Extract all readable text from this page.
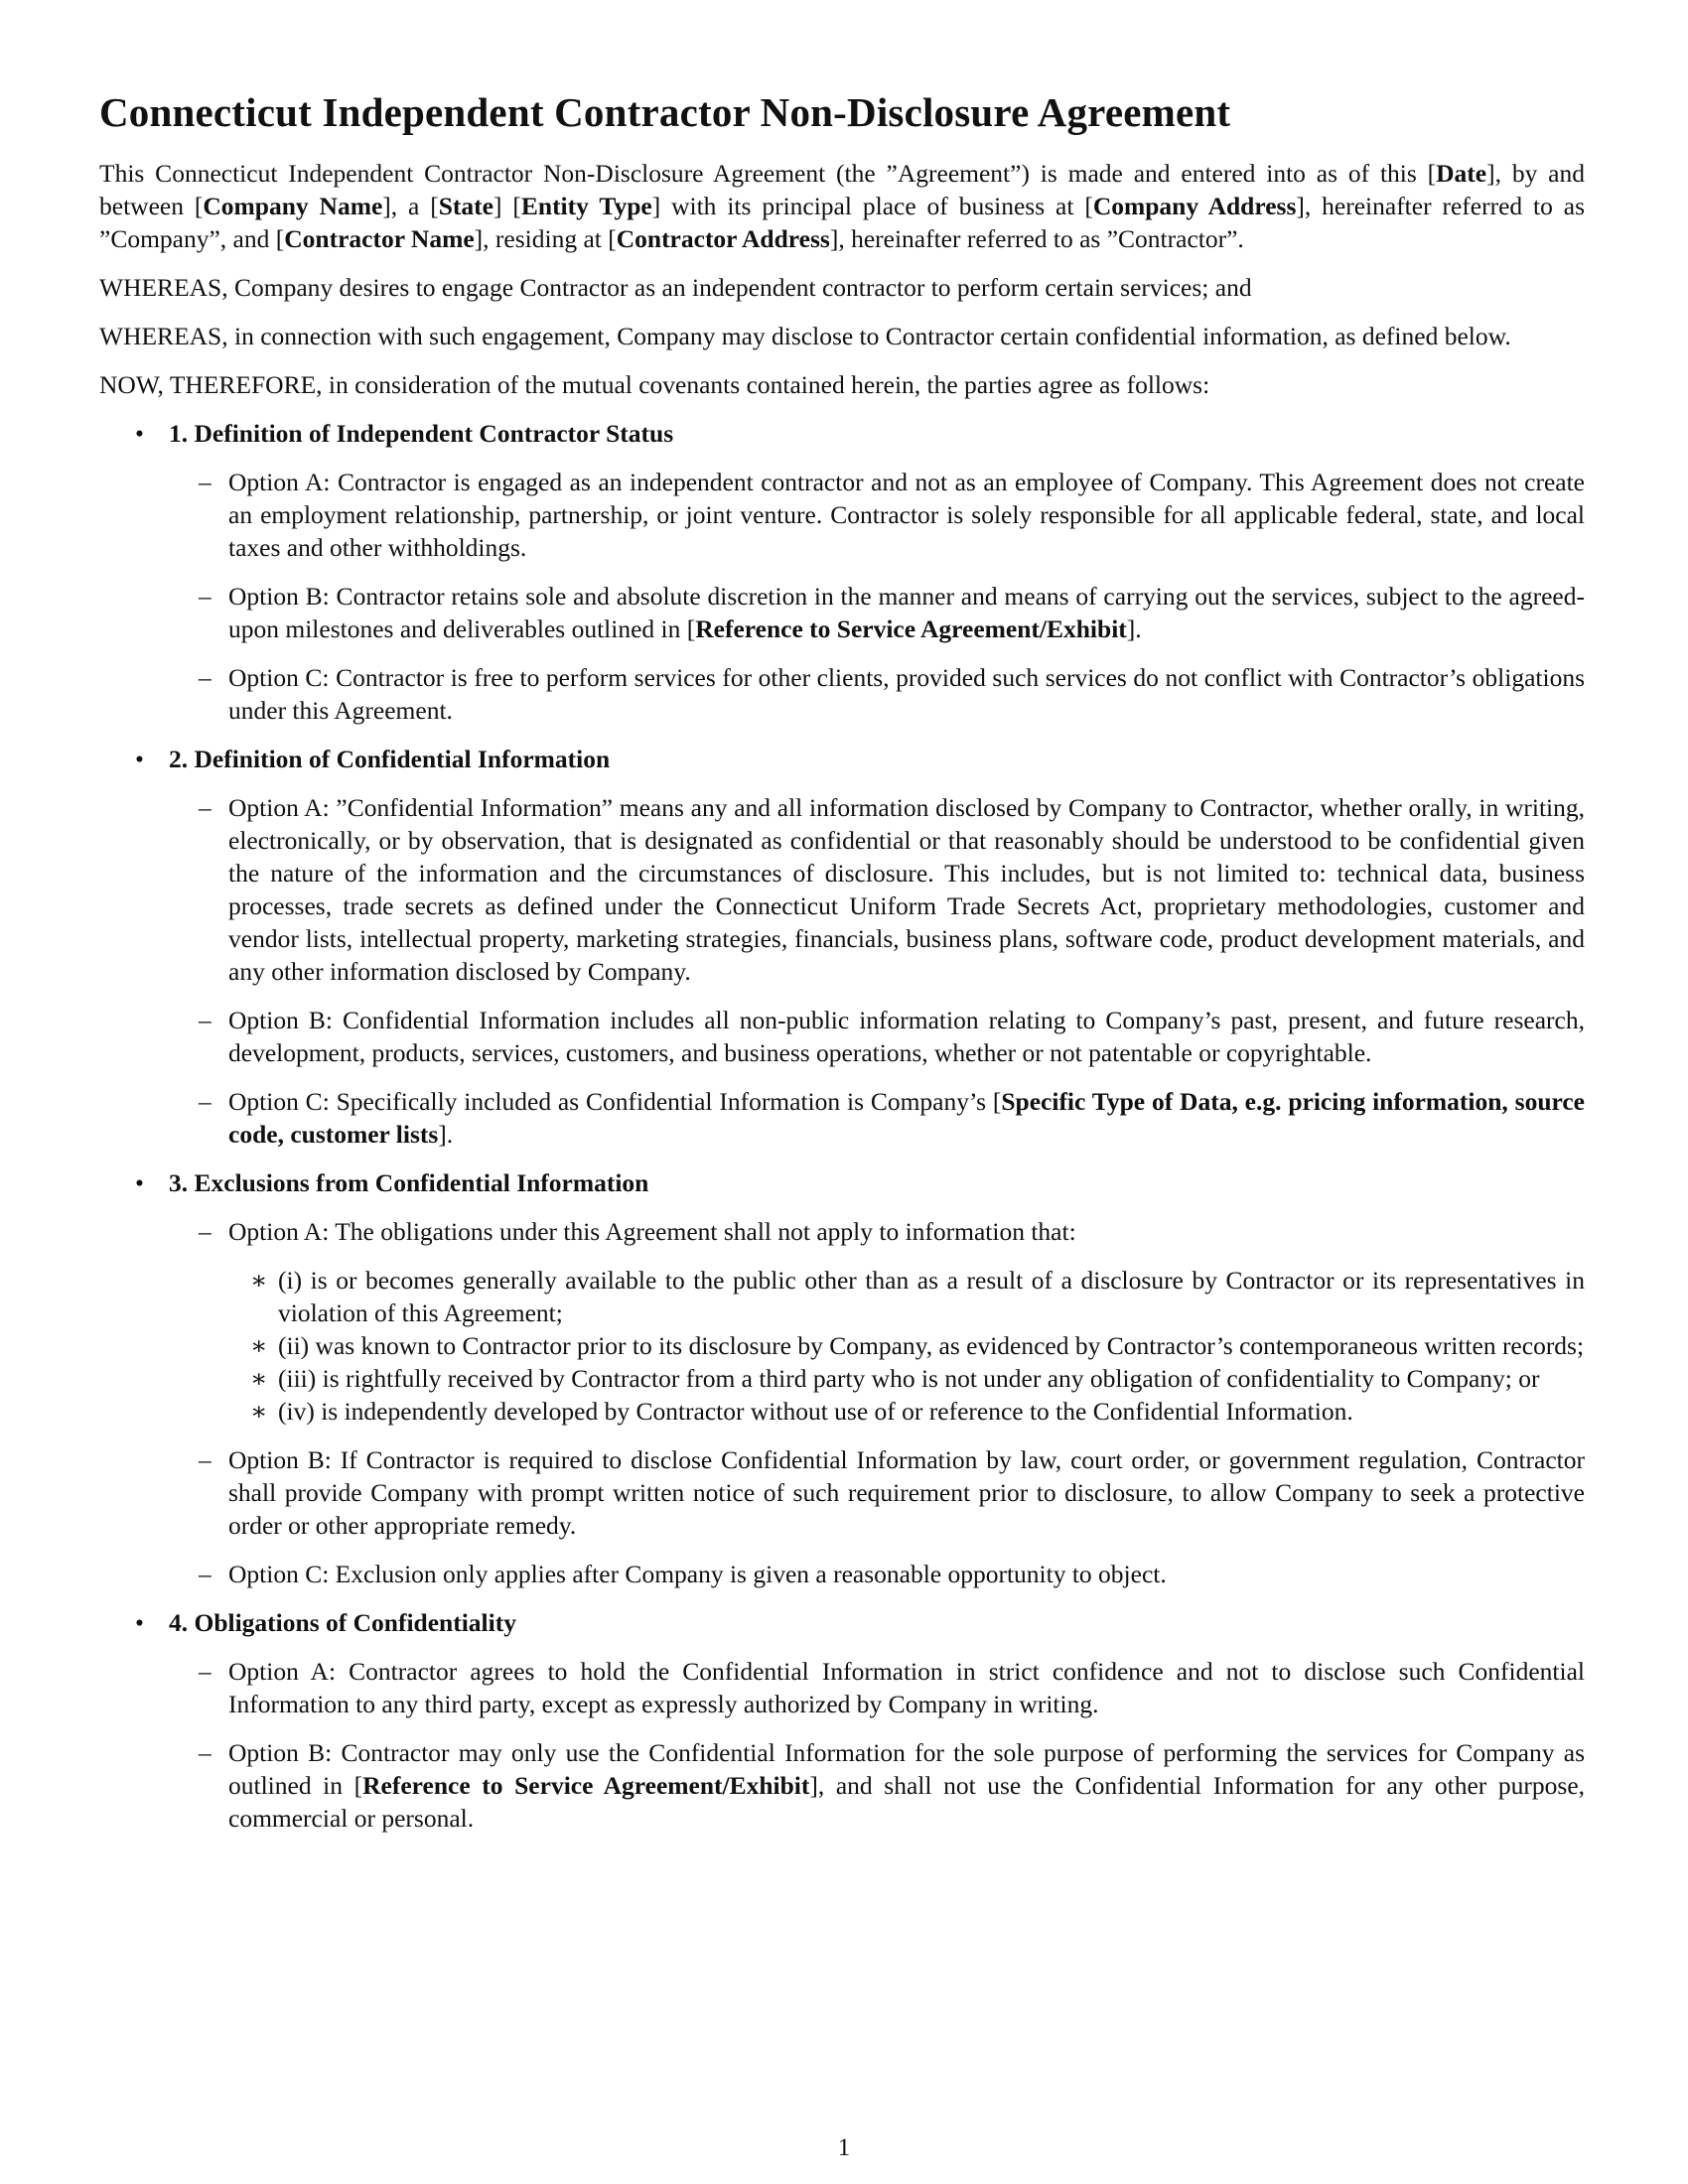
Connecticut Independent Contractor Non-Disclosure Agreement

This Connecticut Independent Contractor Non-Disclosure Agreement (the ”Agreement”) is made and entered into as of this [Date], by and between [Company Name], a [State] [Entity Type] with its principal place of business at [Company Address], hereinafter referred to as ”Company”, and [Contractor Name], residing at [Contractor Address], hereinafter referred to as ”Contractor”.

WHEREAS, Company desires to engage Contractor as an independent contractor to perform certain services; and

WHEREAS, in connection with such engagement, Company may disclose to Contractor certain confidential information, as defined below.

NOW, THEREFORE, in consideration of the mutual covenants contained herein, the parties agree as follows:

• 1. Definition of Independent Contractor Status
– Option A: Contractor is engaged as an independent contractor and not as an employee of Company. This Agreement does not create an employment relationship, partnership, or joint venture. Contractor is solely responsible for all applicable federal, state, and local taxes and other withholdings.
– Option B: Contractor retains sole and absolute discretion in the manner and means of carrying out the services, subject to the agreed-upon milestones and deliverables outlined in [Reference to Service Agreement/Exhibit].
– Option C: Contractor is free to perform services for other clients, provided such services do not conflict with Contractor’s obligations under this Agreement.
• 2. Definition of Confidential Information
– Option A: ”Confidential Information” means any and all information disclosed by Company to Contractor, whether orally, in writing, electronically, or by observation, that is designated as confidential or that reasonably should be understood to be confidential given the nature of the information and the circumstances of disclosure. This includes, but is not limited to: technical data, business processes, trade secrets as defined under the Connecticut Uniform Trade Secrets Act, proprietary methodologies, customer and vendor lists, intellectual property, marketing strategies, financials, business plans, software code, product development materials, and any other information disclosed by Company.
– Option B: Confidential Information includes all non-public information relating to Company’s past, present, and future research, development, products, services, customers, and business operations, whether or not patentable or copyrightable.
– Option C: Specifically included as Confidential Information is Company’s [Specific Type of Data, e.g. pricing information, source code, customer lists].
• 3. Exclusions from Confidential Information
– Option A: The obligations under this Agreement shall not apply to information that:
∗ (i) is or becomes generally available to the public other than as a result of a disclosure by Contractor or its representatives in violation of this Agreement;
∗ (ii) was known to Contractor prior to its disclosure by Company, as evidenced by Contractor’s contemporaneous written records;
∗ (iii) is rightfully received by Contractor from a third party who is not under any obligation of confidentiality to Company; or
∗ (iv) is independently developed by Contractor without use of or reference to the Confidential Information.
– Option B: If Contractor is required to disclose Confidential Information by law, court order, or government regulation, Contractor shall provide Company with prompt written notice of such requirement prior to disclosure, to allow Company to seek a protective order or other appropriate remedy.
– Option C: Exclusion only applies after Company is given a reasonable opportunity to object.
• 4. Obligations of Confidentiality
– Option A: Contractor agrees to hold the Confidential Information in strict confidence and not to disclose such Confidential Information to any third party, except as expressly authorized by Company in writing.
– Option B: Contractor may only use the Confidential Information for the sole purpose of performing the services for Company as outlined in [Reference to Service Agreement/Exhibit], and shall not use the Confidential Information for any other purpose, commercial or personal.
1
